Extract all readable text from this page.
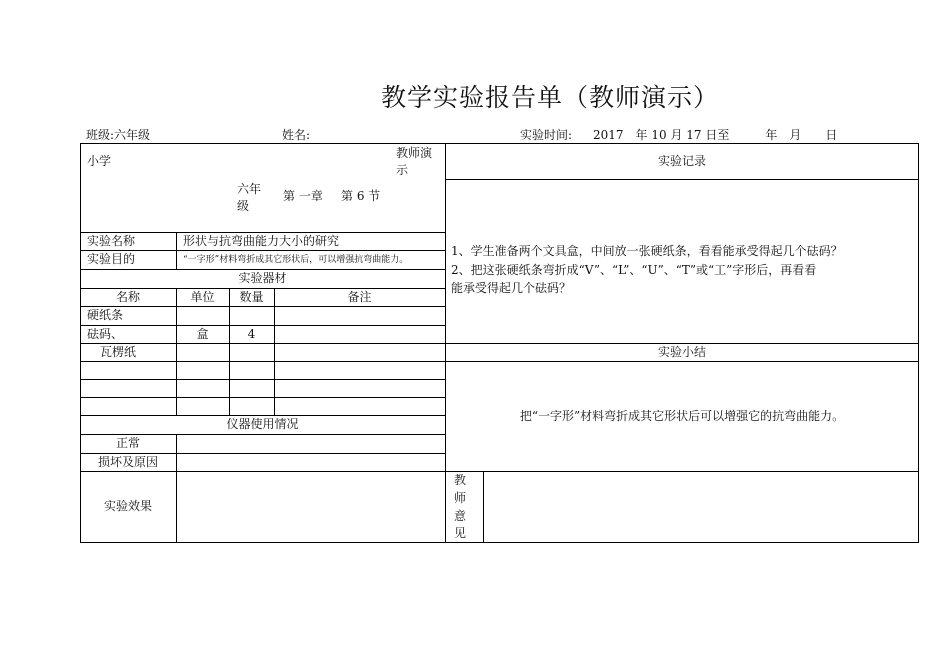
教学实验报告单（教师演示）
班级:六年级	姓名:	实验时间: 2017　年 10 月 17 日至　　　年　月　　日
小学
教师演示
六年级
第 一章 第 6 节
实验名称	形状与抗弯曲能力大小的研究
实验目的	“一字形”材料弯折成其它形状后，可以增强抗弯曲能力。
实验器材
名称	单位	数量	备注
硬纸条
砝码、	盒	4
瓦楞纸
仪器使用情况
正常
损坏及原因
实验效果
实验记录
1、学生准备两个文具盒，中间放一张硬纸条，看看能承受得起几个砝码？
2、把这张硬纸条弯折成“V”、“L”、“U”、“T”或“工”字形后，再看看
能承受得起几个砝码？
实验小结
把“一字形”材料弯折成其它形状后可以增强它的抗弯曲能力。
教
师
意
见
